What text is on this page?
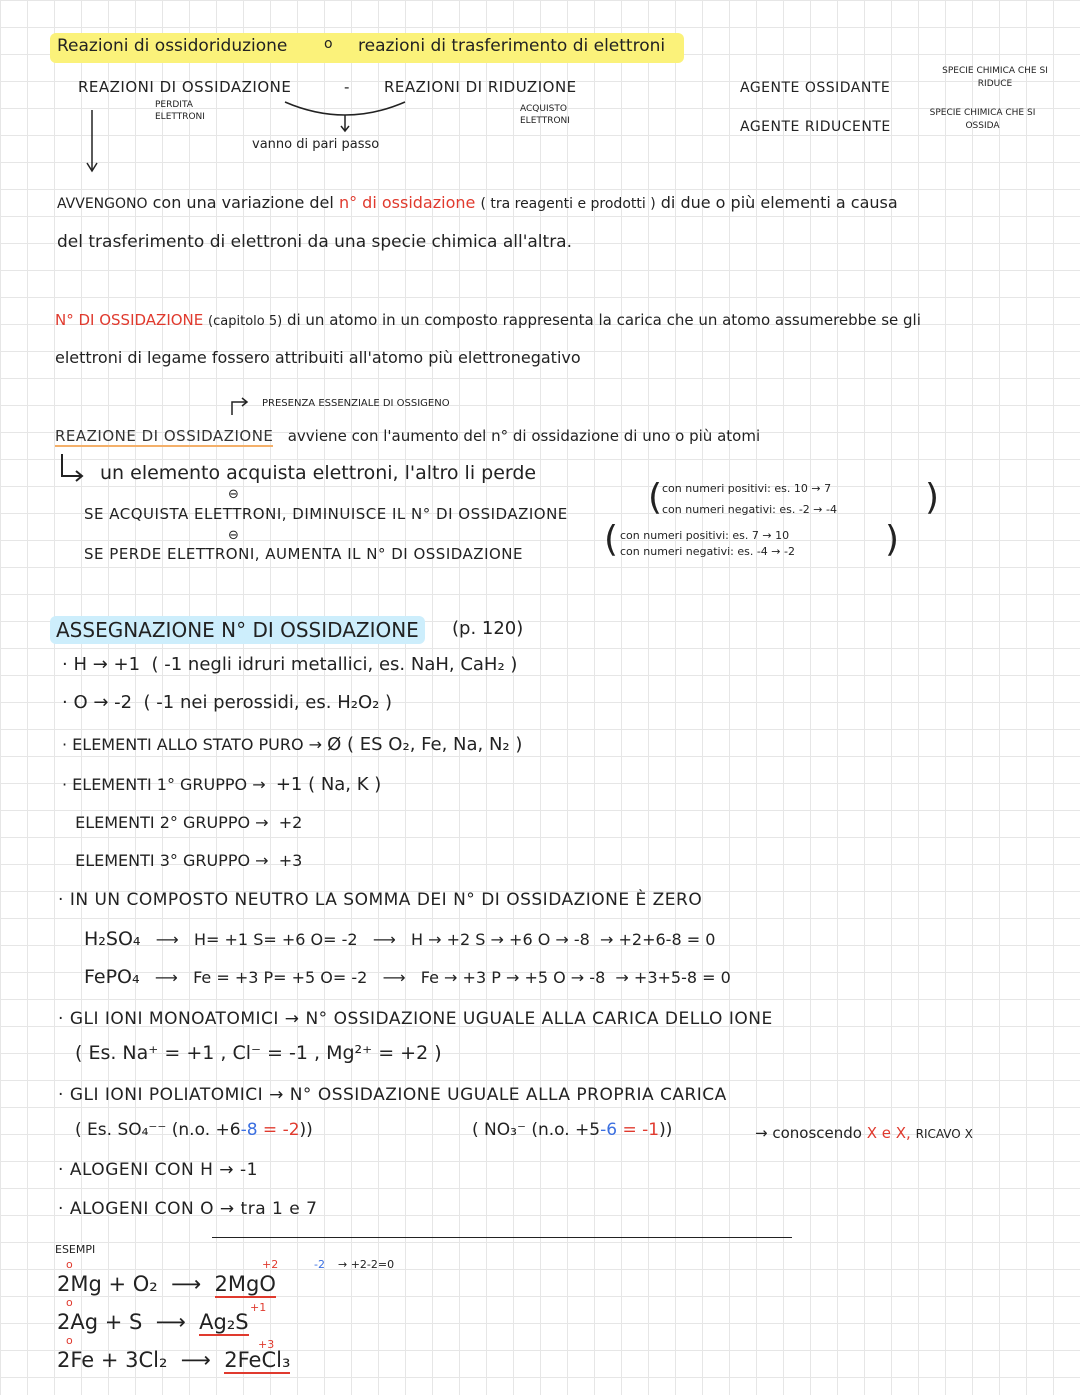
Reazioni di ossidoriduzione	o reazioni di trasferimento di elettroni
REAZIONI DI OSSIDAZIONE	- REAZIONI DI RIDUZIONE
PERDITA ELETTRONI
ACQUISTO ELETTRONI
vanno di pari passo
AGENTE OSSIDANTE
SPECIE CHIMICA CHE SI RIDUCE
AGENTE RIDUCENTE
SPECIE CHIMICA CHE SI OSSIDA
AVVENGONO con una variazione del n° di ossidazione ( tra reagenti e prodotti ) di due o più elementi a causa
del trasferimento di elettroni da una specie chimica all'altra.
N° DI OSSIDAZIONE (capitolo 5) di un atomo in un composto rappresenta la carica che un atomo assumerebbe se gli
elettroni di legame fossero attribuiti all'atomo più elettronegativo
PRESENZA ESSENZIALE DI OSSIGENO
REAZIONE DI OSSIDAZIONE avviene con l'aumento del n° di ossidazione di uno o più atomi
un elemento acquista elettroni, l'altro li perde
⊖
SE ACQUISTA ELETTRONI, DIMINUISCE IL N° DI OSSIDAZIONE ( con numeri positivi: es. 10 → 7
con numeri negativi: es. -2 → -4 )
⊖
SE PERDE ELETTRONI, AUMENTA IL N° DI OSSIDAZIONE ( con numeri positivi: es. 7 → 10
con numeri negativi: es. -4 → -2	)
ASSEGNAZIONE N° DI OSSIDAZIONE	(p. 120)
· H → +1 ( -1 negli idruri metallici, es. NaH, CaH₂ )
· O → -2 ( -1 nei perossidi, es. H₂O₂ )
· ELEMENTI ALLO STATO PURO → Ø ( ES O₂, Fe, Na, N₂ )
· ELEMENTI 1° GRUPPO → +1 ( Na, K )
ELEMENTI 2° GRUPPO → +2
ELEMENTI 3° GRUPPO → +3
· IN UN COMPOSTO NEUTRO LA SOMMA DEI N° DI OSSIDAZIONE È ZERO
H₂SO₄   ⟶   H= +1 S= +6 O= -2   ⟶   H → +2 S → +6 O → -8 → +2+6-8 = 0
FePO₄   ⟶   Fe = +3 P= +5 O= -2   ⟶   Fe → +3 P → +5 O → -8 → +3+5-8 = 0
· GLI IONI MONOATOMICI → N° OSSIDAZIONE UGUALE ALLA CARICA DELLO IONE
( Es. Na⁺ = +1 , Cl⁻ = -1 , Mg²⁺ = +2 )
· GLI IONI POLIATOMICI → N° OSSIDAZIONE UGUALE ALLA PROPRIA CARICA
( Es. SO₄⁻⁻ (n.o. +6-8 = -2))	( NO₃⁻ (n.o. +5-6 = -1))	→ conoscendo X e X, RICAVO X
· ALOGENI CON H → -1
· ALOGENI CON O → tra 1 e 7
ESEMPI
o	+2	-2 → +2-2=0
2Mg + O₂ ⟶ 2MgO
o	+1
2Ag + S ⟶ Ag₂S
o	+3
2Fe + 3Cl₂ ⟶ 2FeCl₃
